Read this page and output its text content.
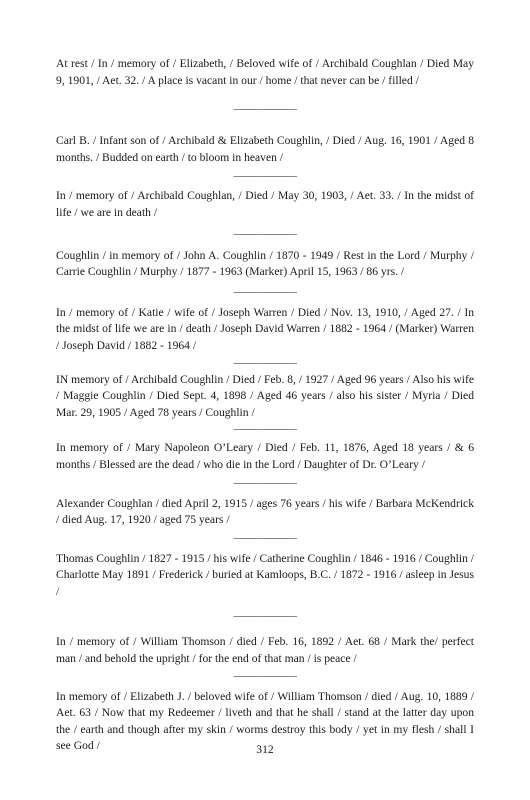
At rest / In / memory of / Elizabeth, / Beloved wife of / Archibald Coughlan / Died May 9, 1901, / Aet. 32. / A place is vacant in our / home / that never can be / filled /

——————

Carl B. / Infant son of / Archibald & Elizabeth Coughlin, / Died / Aug. 16, 1901 / Aged 8 months. / Budded on earth / to bloom in heaven /

——————

In / memory of / Archibald Coughlan, / Died / May 30, 1903, / Aet. 33. / In the midst of life / we are in death /

——————

Coughlin / in memory of / John A. Coughlin / 1870 - 1949 / Rest in the Lord / Murphy / Carrie Coughlin / Murphy / 1877 - 1963 (Marker) April 15, 1963 / 86 yrs. /

——————

In / memory of / Katie / wife of / Joseph Warren / Died / Nov. 13, 1910, / Aged 27. / In the midst of life we are in / death / Joseph David Warren / 1882 - 1964 / (Marker) Warren / Joseph David / 1882 - 1964 /

——————

IN memory of / Archibald Coughlin / Died / Feb. 8, / 1927 / Aged 96 years / Also his wife / Maggie Coughlin / Died Sept. 4, 1898 / Aged 46 years / also his sister / Myria / Died Mar. 29, 1905 / Aged 78 years / Coughlin /

——————

In memory of / Mary Napoleon O’Leary / Died / Feb. 11, 1876, Aged 18 years / & 6 months / Blessed are the dead / who die in the Lord / Daughter of Dr. O’Leary /

——————

Alexander Coughlan / died April 2, 1915 / ages 76 years / his wife / Barbara McKendrick / died Aug. 17, 1920 / aged 75 years /

——————

Thomas Coughlin / 1827 - 1915 / his wife / Catherine Coughlin / 1846 - 1916 / Coughlin / Charlotte May 1891 / Frederick / buried at Kamloops, B.C. / 1872 - 1916 / asleep in Jesus /

——————

In / memory of / William Thomson / died / Feb. 16, 1892 / Aet. 68 / Mark the/ perfect man / and behold the upright / for the end of that man / is peace /

——————

In memory of / Elizabeth J. / beloved wife of / William Thomson / died / Aug. 10, 1889 / Aet. 63 / Now that my Redeemer / liveth and that he shall / stand at the latter day upon the / earth and though after my skin / worms destroy this body / yet in my flesh / shall I see God /	312
